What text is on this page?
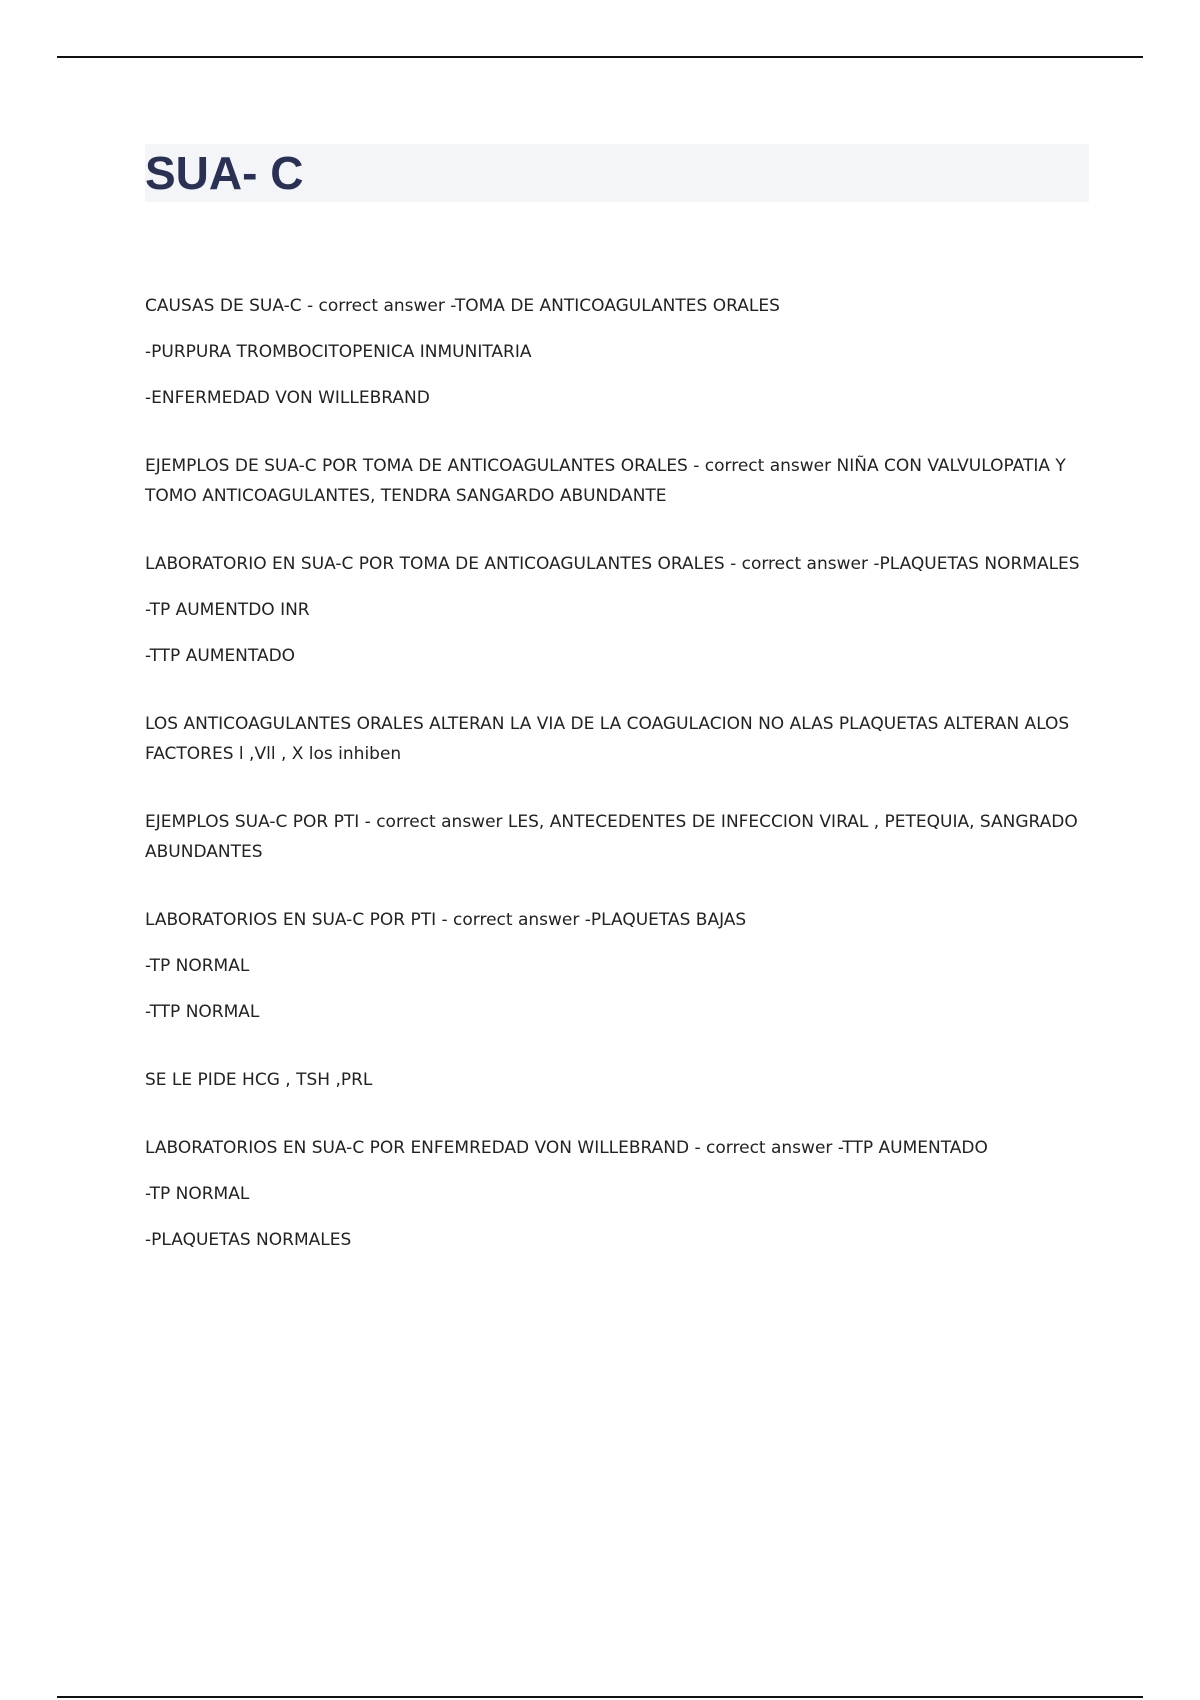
SUA- C

CAUSAS DE SUA-C - correct answer -TOMA DE ANTICOAGULANTES ORALES

-PURPURA TROMBOCITOPENICA INMUNITARIA

-ENFERMEDAD VON WILLEBRAND

EJEMPLOS DE SUA-C POR TOMA DE ANTICOAGULANTES ORALES - correct answer NIÑA CON VALVULOPATIA Y TOMO ANTICOAGULANTES, TENDRA SANGARDO ABUNDANTE

LABORATORIO EN SUA-C POR TOMA DE ANTICOAGULANTES ORALES - correct answer -PLAQUETAS NORMALES

-TP AUMENTDO INR

-TTP AUMENTADO

LOS ANTICOAGULANTES ORALES ALTERAN LA VIA DE LA COAGULACION NO ALAS PLAQUETAS ALTERAN ALOS FACTORES l ,Vll , X los inhiben

EJEMPLOS SUA-C POR PTI - correct answer LES, ANTECEDENTES DE INFECCION VIRAL , PETEQUIA, SANGRADO ABUNDANTES

LABORATORIOS EN SUA-C POR PTI - correct answer -PLAQUETAS BAJAS

-TP NORMAL

-TTP NORMAL

SE LE PIDE HCG , TSH ,PRL

LABORATORIOS EN SUA-C POR ENFEMREDAD VON WILLEBRAND - correct answer -TTP AUMENTADO

-TP NORMAL

-PLAQUETAS NORMALES
